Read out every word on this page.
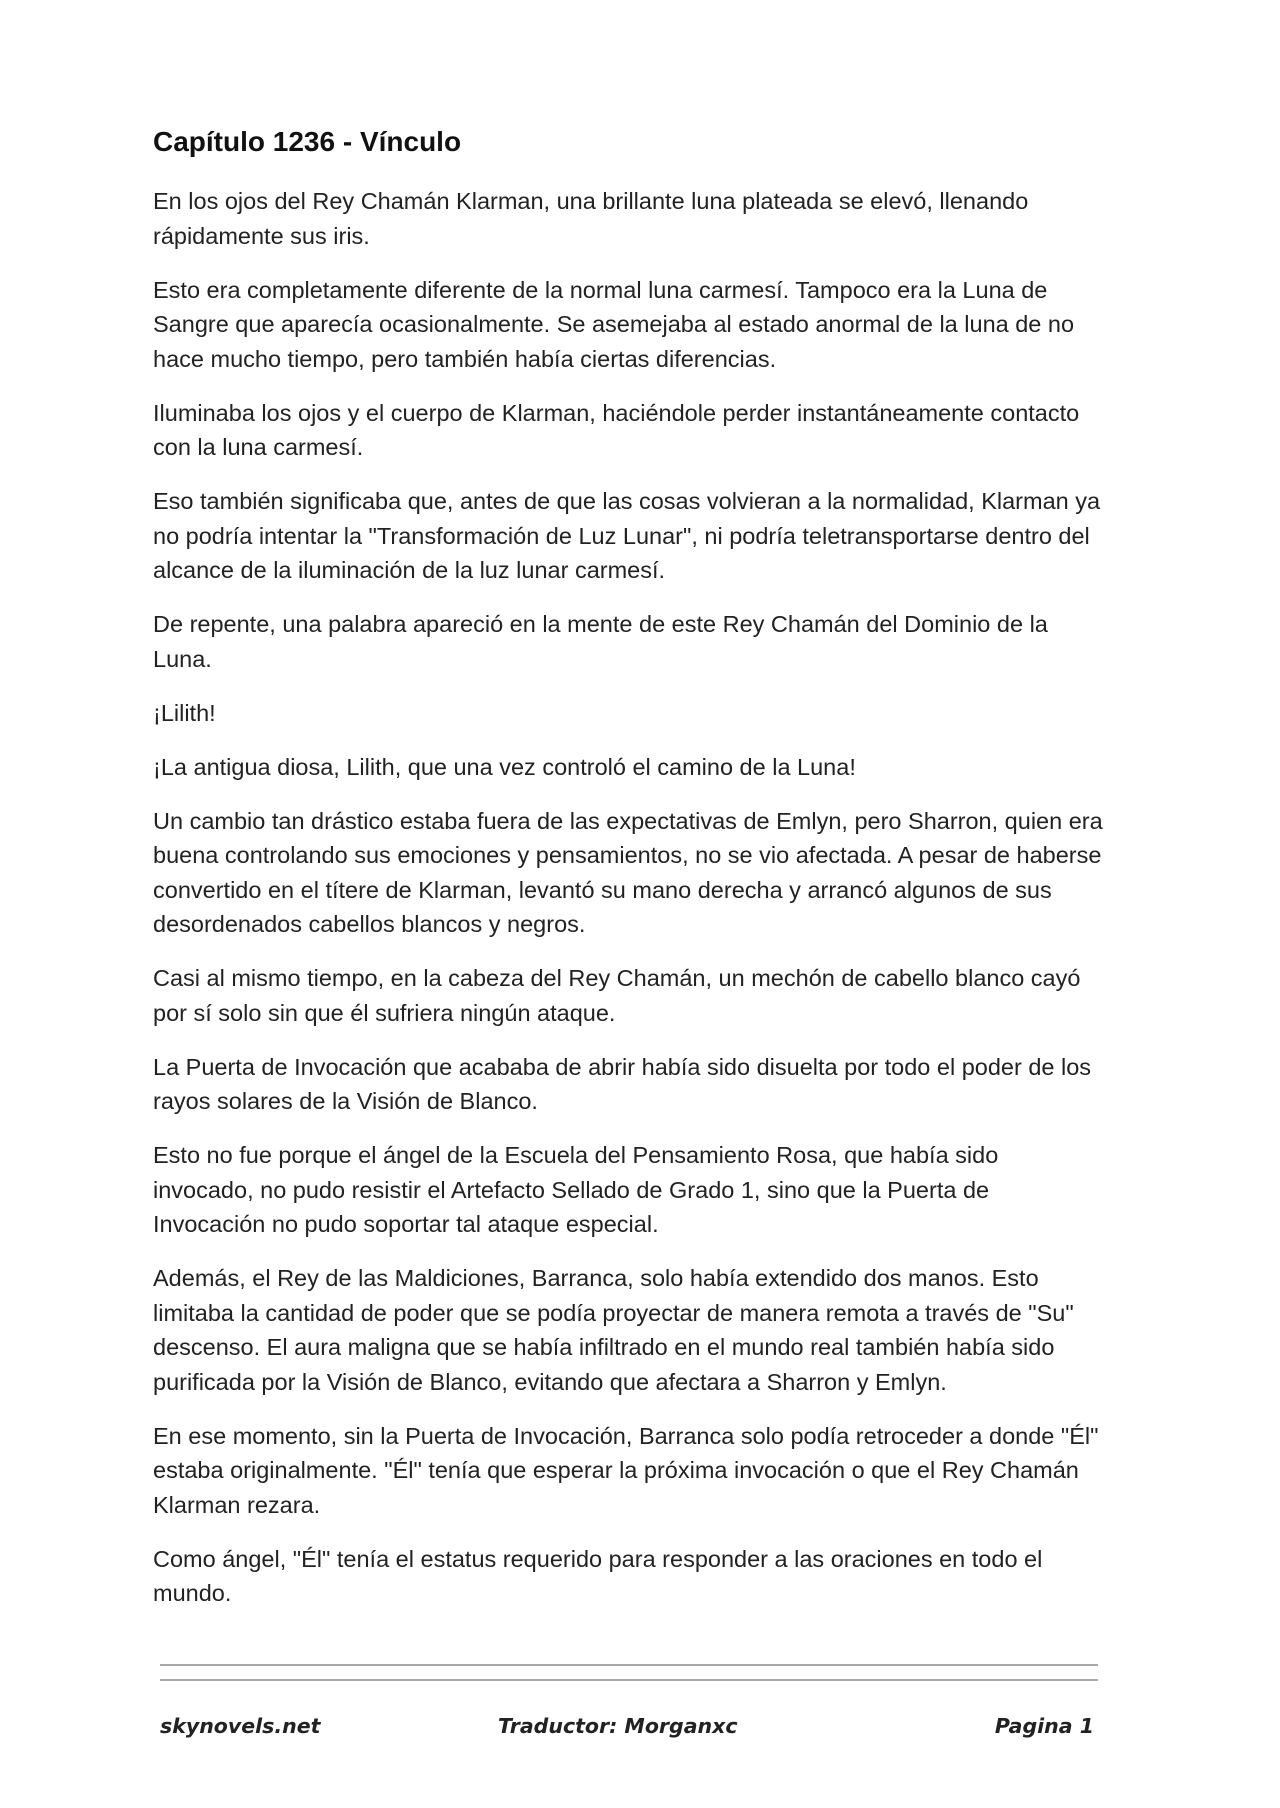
Capítulo 1236 - Vínculo

En los ojos del Rey Chamán Klarman, una brillante luna plateada se elevó, llenando rápidamente sus iris.

Esto era completamente diferente de la normal luna carmesí. Tampoco era la Luna de Sangre que aparecía ocasionalmente. Se asemejaba al estado anormal de la luna de no hace mucho tiempo, pero también había ciertas diferencias.

Iluminaba los ojos y el cuerpo de Klarman, haciéndole perder instantáneamente contacto con la luna carmesí.

Eso también significaba que, antes de que las cosas volvieran a la normalidad, Klarman ya no podría intentar la "Transformación de Luz Lunar", ni podría teletransportarse dentro del alcance de la iluminación de la luz lunar carmesí.

De repente, una palabra apareció en la mente de este Rey Chamán del Dominio de la Luna.

¡Lilith!

¡La antigua diosa, Lilith, que una vez controló el camino de la Luna!

Un cambio tan drástico estaba fuera de las expectativas de Emlyn, pero Sharron, quien era buena controlando sus emociones y pensamientos, no se vio afectada. A pesar de haberse convertido en el títere de Klarman, levantó su mano derecha y arrancó algunos de sus desordenados cabellos blancos y negros.

Casi al mismo tiempo, en la cabeza del Rey Chamán, un mechón de cabello blanco cayó por sí solo sin que él sufriera ningún ataque.

La Puerta de Invocación que acababa de abrir había sido disuelta por todo el poder de los rayos solares de la Visión de Blanco.

Esto no fue porque el ángel de la Escuela del Pensamiento Rosa, que había sido invocado, no pudo resistir el Artefacto Sellado de Grado 1, sino que la Puerta de Invocación no pudo soportar tal ataque especial.

Además, el Rey de las Maldiciones, Barranca, solo había extendido dos manos. Esto limitaba la cantidad de poder que se podía proyectar de manera remota a través de "Su" descenso. El aura maligna que se había infiltrado en el mundo real también había sido purificada por la Visión de Blanco, evitando que afectara a Sharron y Emlyn.

En ese momento, sin la Puerta de Invocación, Barranca solo podía retroceder a donde "Él" estaba originalmente. "Él" tenía que esperar la próxima invocación o que el Rey Chamán Klarman rezara.

Como ángel, "Él" tenía el estatus requerido para responder a las oraciones en todo el mundo.

skynovels.net	Traductor: Morganxc	Pagina 1
